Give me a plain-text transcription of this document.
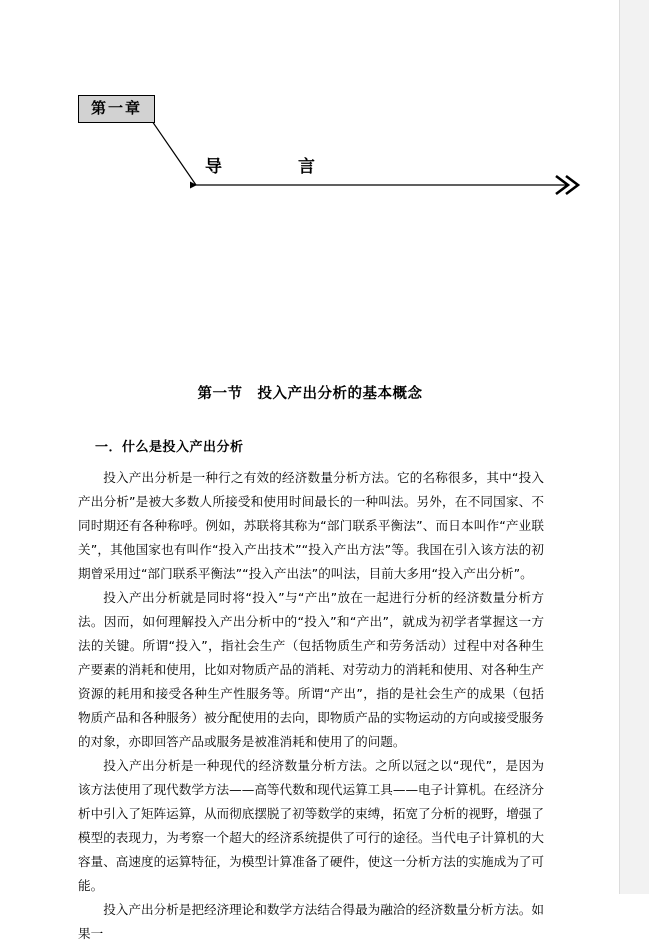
第一章
导　　言
第一节　投入产出分析的基本概念
一．什么是投入产出分析

投入产出分析是一种行之有效的经济数量分析方法。它的名称很多，其中“投入产出分析”是被大多数人所接受和使用时间最长的一种叫法。另外，在不同国家、不同时期还有各种称呼。例如，苏联将其称为“部门联系平衡法”、而日本叫作“产业联关”，其他国家也有叫作“投入产出技术”“投入产出方法”等。我国在引入该方法的初期曾采用过“部门联系平衡法”“投入产出法”的叫法，目前大多用“投入产出分析”。

投入产出分析就是同时将“投入”与“产出”放在一起进行分析的经济数量分析方法。因而，如何理解投入产出分析中的“投入”和“产出”，就成为初学者掌握这一方法的关键。所谓“投入”，指社会生产（包括物质生产和劳务活动）过程中对各种生产要素的消耗和使用，比如对物质产品的消耗、对劳动力的消耗和使用、对各种生产资源的耗用和接受各种生产性服务等。所谓“产出”，指的是社会生产的成果（包括物质产品和各种服务）被分配使用的去向，即物质产品的实物运动的方向或接受服务的对象，亦即回答产品或服务是被准消耗和使用了的问题。

投入产出分析是一种现代的经济数量分析方法。之所以冠之以“现代”，是因为该方法使用了现代数学方法——高等代数和现代运算工具——电子计算机。在经济分析中引入了矩阵运算，从而彻底摆脱了初等数学的束缚，拓宽了分析的视野，增强了模型的表现力，为考察一个超大的经济系统提供了可行的途径。当代电子计算机的大容量、高速度的运算特征，为模型计算准备了硬件，使这一分析方法的实施成为了可能。

投入产出分析是把经济理论和数学方法结合得最为融洽的经济数量分析方法。如果一
